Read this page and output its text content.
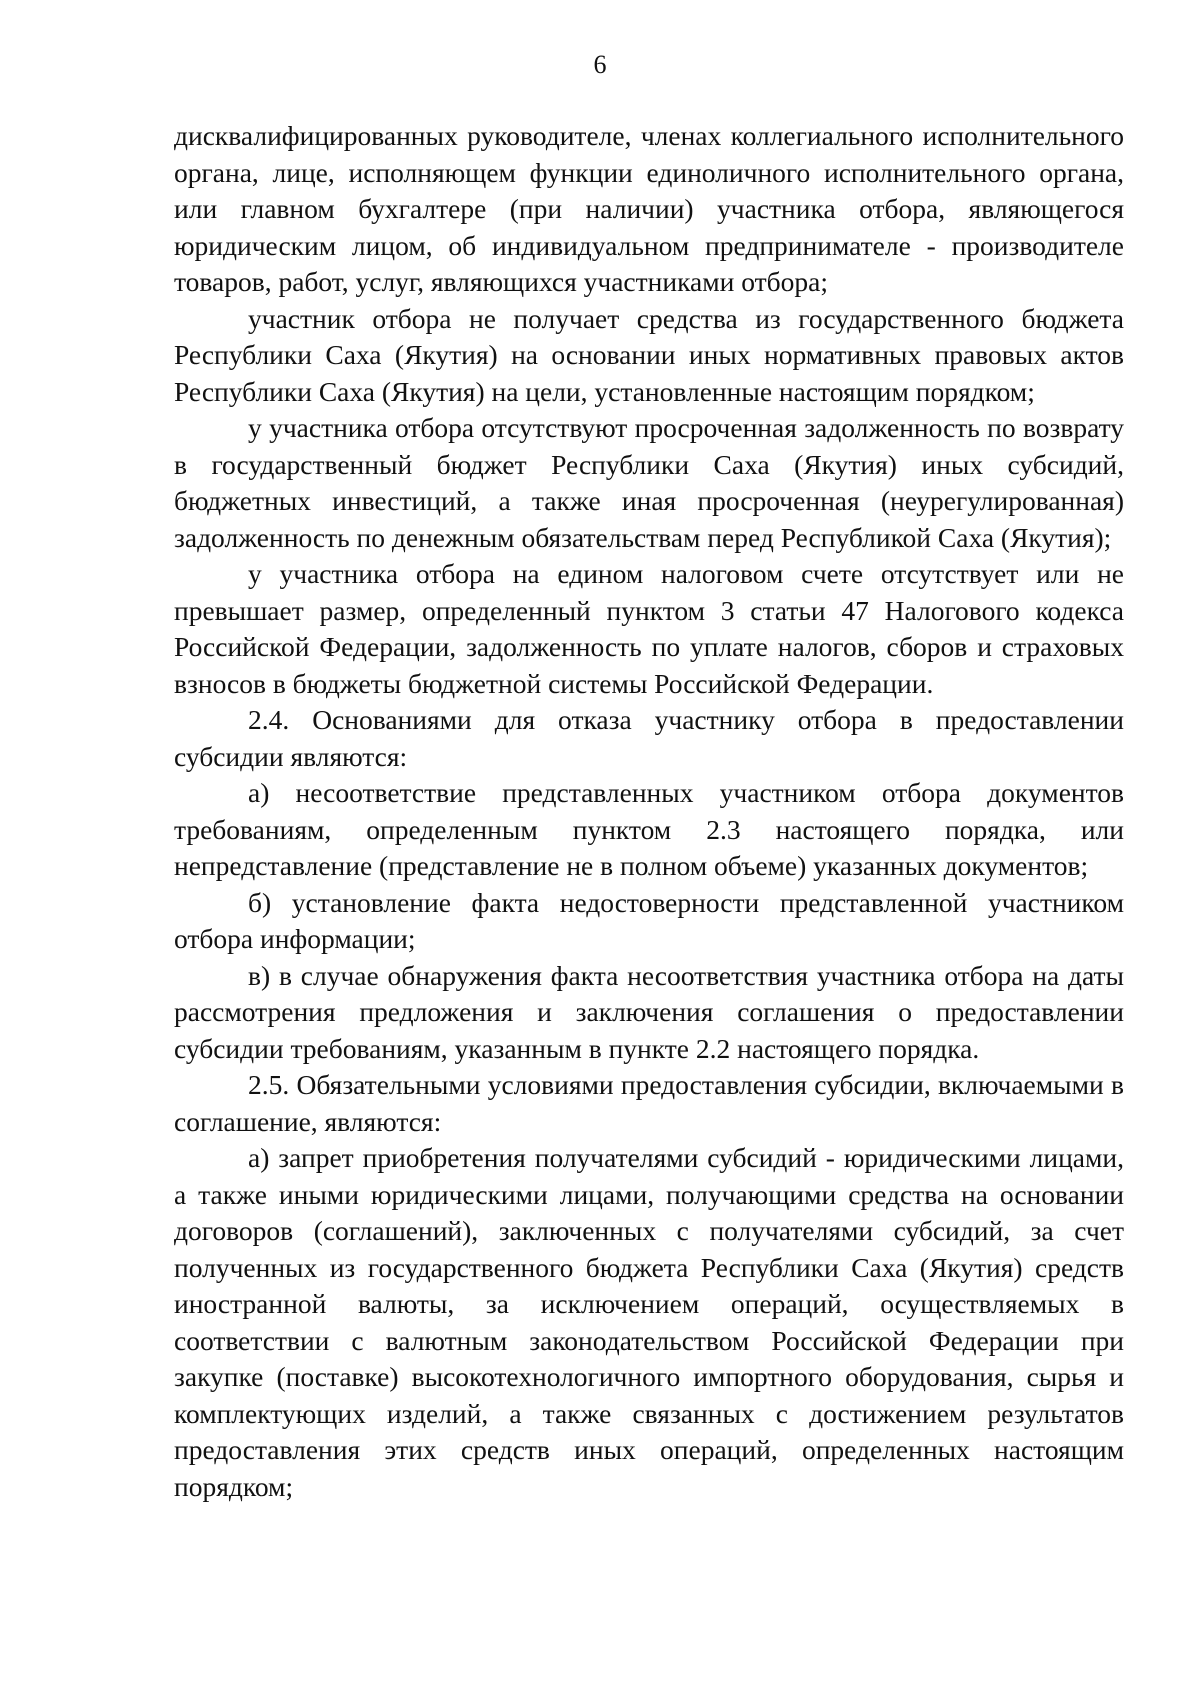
6

дисквалифицированных руководителе, членах коллегиального исполнительного органа, лице, исполняющем функции единоличного исполнительного органа, или главном бухгалтере (при наличии) участника отбора, являющегося юридическим лицом, об индивидуальном предпринимателе - производителе товаров, работ, услуг, являющихся участниками отбора;

участник отбора не получает средства из государственного бюджета Республики Саха (Якутия) на основании иных нормативных правовых актов Республики Саха (Якутия) на цели, установленные настоящим порядком;

у участника отбора отсутствуют просроченная задолженность по возврату в государственный бюджет Республики Саха (Якутия) иных субсидий, бюджетных инвестиций, а также иная просроченная (неурегулированная) задолженность по денежным обязательствам перед Республикой Саха (Якутия);

у участника отбора на едином налоговом счете отсутствует или не превышает размер, определенный пунктом 3 статьи 47 Налогового кодекса Российской Федерации, задолженность по уплате налогов, сборов и страховых взносов в бюджеты бюджетной системы Российской Федерации.

2.4. Основаниями для отказа участнику отбора в предоставлении субсидии являются:

а) несоответствие представленных участником отбора документов требованиям, определенным пунктом 2.3 настоящего порядка, или непредставление (представление не в полном объеме) указанных документов;

б) установление факта недостоверности представленной участником отбора информации;

в) в случае обнаружения факта несоответствия участника отбора на даты рассмотрения предложения и заключения соглашения о предоставлении субсидии требованиям, указанным в пункте 2.2 настоящего порядка.

2.5. Обязательными условиями предоставления субсидии, включаемыми в соглашение, являются:

а) запрет приобретения получателями субсидий - юридическими лицами, а также иными юридическими лицами, получающими средства на основании договоров (соглашений), заключенных с получателями субсидий, за счет полученных из государственного бюджета Республики Саха (Якутия) средств иностранной валюты, за исключением операций, осуществляемых в соответствии с валютным законодательством Российской Федерации при закупке (поставке) высокотехнологичного импортного оборудования, сырья и комплектующих изделий, а также связанных с достижением результатов предоставления этих средств иных операций, определенных настоящим порядком;
